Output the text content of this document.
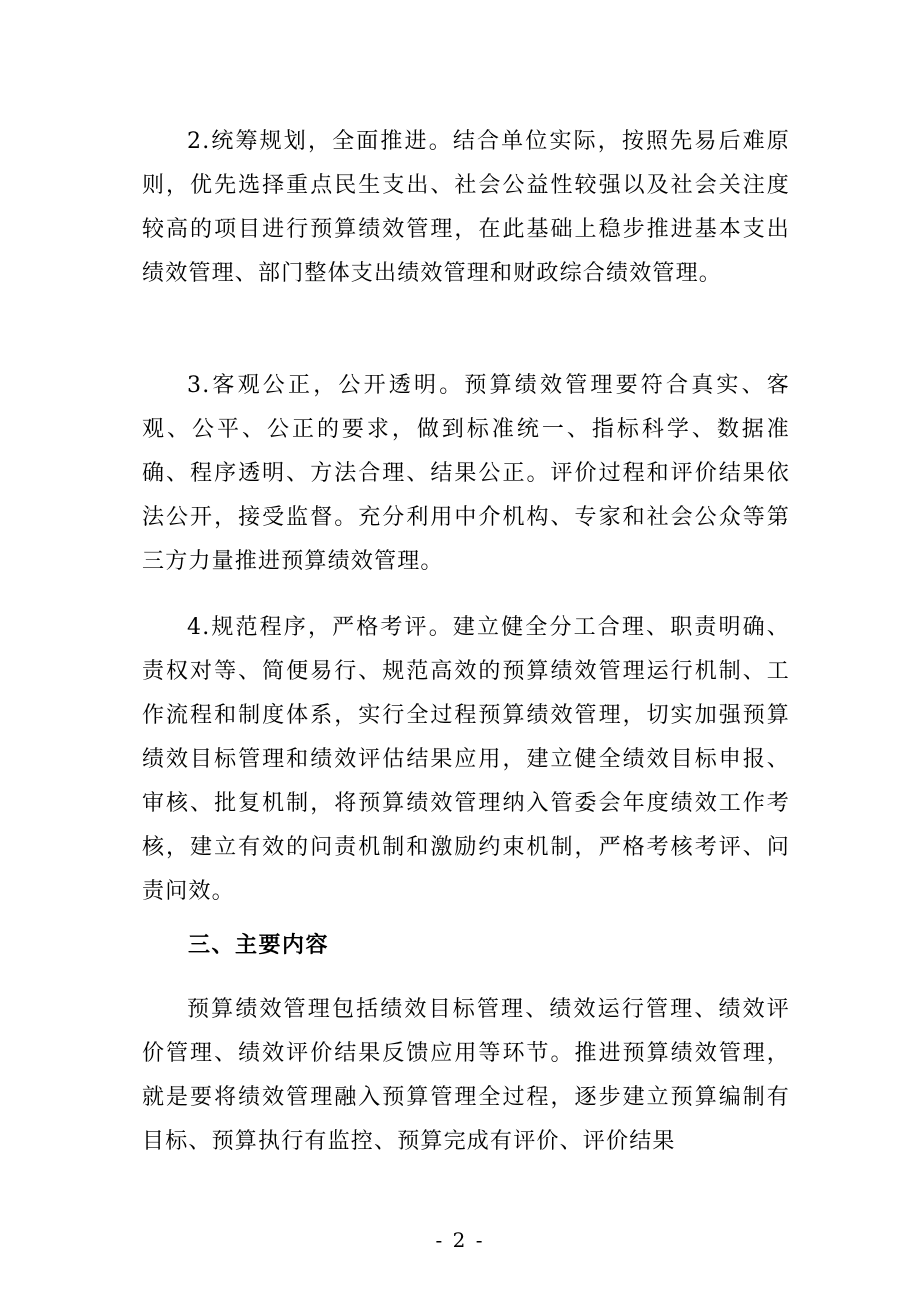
2.统筹规划，全面推进。结合单位实际，按照先易后难原则，优先选择重点民生支出、社会公益性较强以及社会关注度较高的项目进行预算绩效管理，在此基础上稳步推进基本支出绩效管理、部门整体支出绩效管理和财政综合绩效管理。

3.客观公正，公开透明。预算绩效管理要符合真实、客观、公平、公正的要求，做到标准统一、指标科学、数据准确、程序透明、方法合理、结果公正。评价过程和评价结果依法公开，接受监督。充分利用中介机构、专家和社会公众等第三方力量推进预算绩效管理。

4.规范程序，严格考评。建立健全分工合理、职责明确、责权对等、简便易行、规范高效的预算绩效管理运行机制、工作流程和制度体系，实行全过程预算绩效管理，切实加强预算绩效目标管理和绩效评估结果应用，建立健全绩效目标申报、审核、批复机制，将预算绩效管理纳入管委会年度绩效工作考核，建立有效的问责机制和激励约束机制，严格考核考评、问责问效。

三、主要内容

预算绩效管理包括绩效目标管理、绩效运行管理、绩效评价管理、绩效评价结果反馈应用等环节。推进预算绩效管理，就是要将绩效管理融入预算管理全过程，逐步建立预算编制有目标、预算执行有监控、预算完成有评价、评价结果

- 2 -
